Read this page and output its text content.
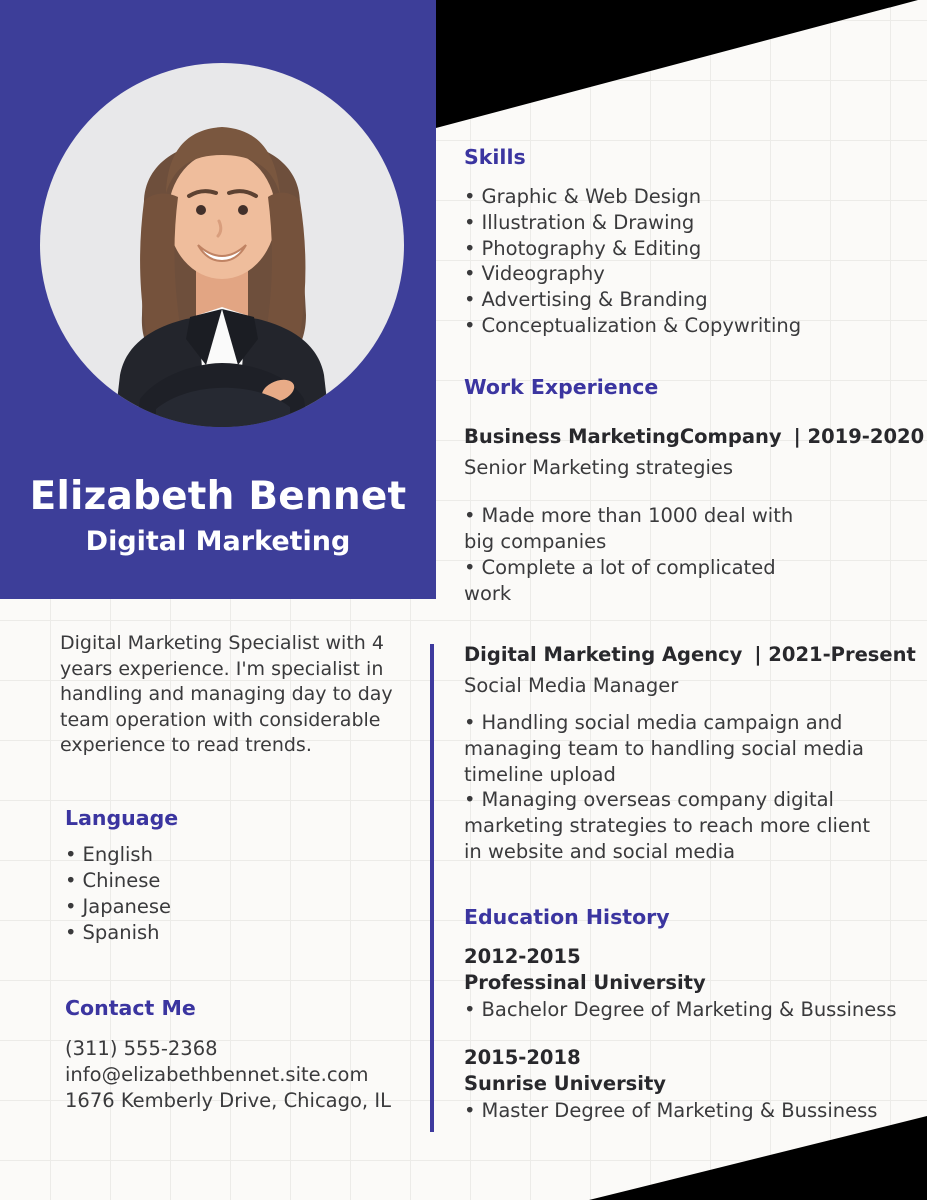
Elizabeth Bennet
Digital Marketing
Digital Marketing Specialist with 4 years experience. I'm specialist in handling and managing day to day team operation with considerable experience to read trends.
Language
• English
• Chinese
• Japanese
• Spanish
Contact Me
(311) 555-2368
info@elizabethbennet.site.com
1676 Kemberly Drive, Chicago, IL
Skills
• Graphic & Web Design
• Illustration & Drawing
• Photography & Editing
• Videography
• Advertising & Branding
• Conceptualization & Copywriting
Work Experience
Business MarketingCompany | 2019-2020
Senior Marketing strategies
• Made more than 1000 deal with big companies
• Complete a lot of complicated work
Digital Marketing Agency | 2021-Present
Social Media Manager
• Handling social media campaign and managing team to handling social media timeline upload
• Managing overseas company digital marketing strategies to reach more client in website and social media
Education History
2012-2015
Professinal University
• Bachelor Degree of Marketing & Bussiness
2015-2018
Sunrise University
• Master Degree of Marketing & Bussiness
